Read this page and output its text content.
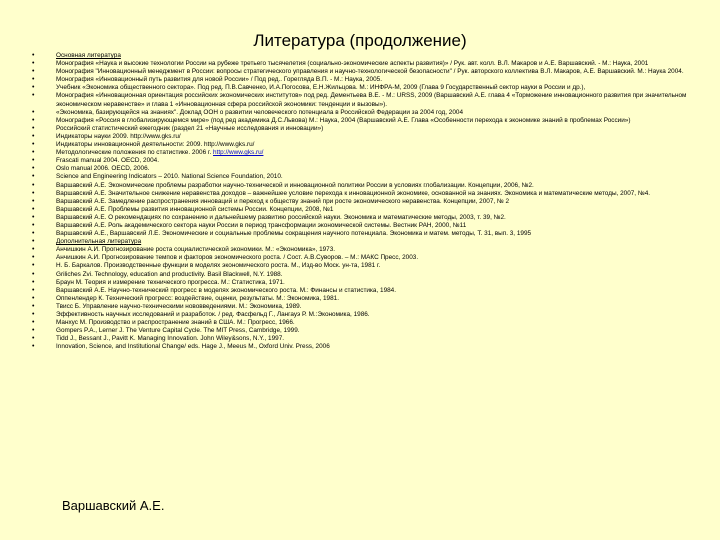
Литература (продолжение)
• Основная литература
• Монография «Наука и высокие технологии России на рубеже третьего тысячелетия (социально-экономические аспекты развития)» / Рук. авт. колл. В.Л. Макаров и А.Е. Варшавский. - М.: Наука, 2001
• Монография "Инновационный менеджмент в России: вопросы стратегического управления и научно-технологической безопасности" / Рук. авторского коллектива В.Л. Макаров, А.Е. Варшавский. М.: Наука 2004.
• Монография «Инновационный путь развития для новой России» / Под ред.. Горегляда В.П. - М.: Наука, 2005.
• Учебник «Экономика общественного сектора». Под ред. П.В.Савченко, И.А.Погосова, Е.Н.Жильцова. М.: ИНФРА-М, 2009 (Глава 9 Государственный сектор науки в России и др.),
• Монография «Инновационная ориентация российских экономических институтов» под ред. Дементьева В.Е. - М.: URSS, 2009 (Варшавский А.Е. глава 4 «Торможение инновационного развития при значительном экономическом неравенстве» и глава 1 «Инновационная сфера российской экономики: тенденции и вызовы»).
• «Экономика, базирующейся на знаниях". Доклад ООН о развитии человеческого потенциала в Российской Федерации за 2004 год, 2004
• Монография «Россия в глобализирующемся мире» (под ред академика Д.С.Львова) М.: Наука, 2004 (Варшавский А.Е. Глава «Особенности перехода к экономике знаний в проблемах России»)
• Российский статистический ежегодник (раздел 21 «Научные исследования и инновации»)
• Индикаторы науки 2009. http://www.gks.ru/
• Индикаторы инновационной деятельности: 2009. http://www.gks.ru/
• Методологические положения по статистике. 2006 г. http://www.gks.ru/
• Frascati manual 2004. OECD, 2004.
• Oslo manual 2006. OECD, 2006.
• Science and Engineering Indicators – 2010. National Science Foundation, 2010.
• Варшавский А.Е. Экономические проблемы разработки научно-технической и инновационной политики России в условиях глобализации. Концепции, 2006, №2.
• Варшавский А.Е. Значительное снижение неравенства доходов – важнейшее условие перехода к инновационной экономике, основанной на знаниях. Экономика и математические методы, 2007, №4.
• Варшавский А.Е. Замедление распространения инноваций и переход к обществу знаний при росте экономического неравенства. Концепции, 2007, № 2
• Варшавский А.Е. Проблемы развития инновационной системы России. Концепции, 2008, №1
• Варшавский А.Е. О рекомендациях по сохранению и дальнейшему развитию российской науки. Экономика и математические методы, 2003, т. 39, №2.
• Варшавский А.Е. Роль академического сектора науки России в период трансформации экономической системы. Вестник РАН, 2000, №11
• Варшавский А.Е., Варшавский Л.Е. Экономические и социальные проблемы сокращения научного потенциала. Экономика и матем. методы, Т. 31, вып. 3, 1995
• Дополнительная литература
• Анчишкин А.И. Прогнозирование роста социалистической экономики. М.: «Экономика», 1973.
• Анчишкин А.И. Прогнозирование темпов и факторов экономического роста. / Сост. А.В.Суворов. – М.: МАКС Пресс, 2003.
• Н. Б. Баркалов. Производственные функции в моделях экономического роста. М., Изд-во Моск. ун-та, 1981 г.
• Griliches Zvi. Technology, education and productivity. Basil Blackwell, N.Y. 1988.
• Браун М. Теория и измерение технического прогресса. М.: Статистика, 1971.
• Варшавский А.Е. Научно-технический прогресс в моделях экономического роста. М.: Финансы и статистика, 1984.
• Оппенлендер К. Технический прогресс: воздействие, оценки, результаты. М.: Экономика, 1981.
• Твисс Б. Управление научно-техническими нововведениями. М.: Экономика, 1989.
• Эффективность научных исследований и разработок. / ред. Фасфельд Г., Лангауэ Р. М.:Экономика, 1986.
• Манхус М. Производство и распространение знаний в США. М.: Прогресс, 1966.
• Gompers P.A., Lerner J. The Venture Capital Cycle. The MIT Press, Cambridge, 1999.
• Tidd J., Bessant J., Pavitt K. Managing Innovation. John Wiley&sons, N.Y., 1997.
• Innovation, Science, and Institutional Change/ eds. Hage J., Meeus M., Oxford Univ. Press, 2006
Варшавский А.Е.
